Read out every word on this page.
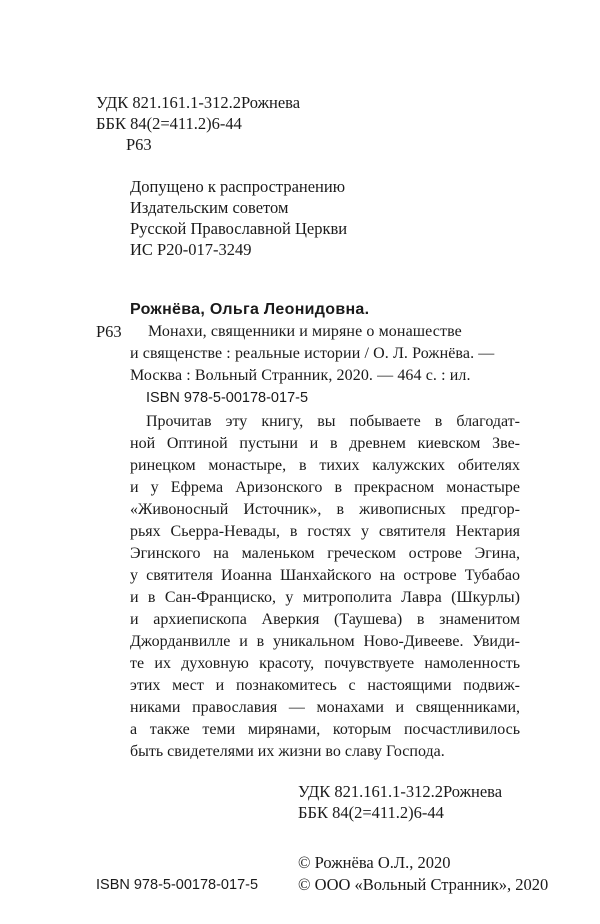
УДК 821.161.1-312.2Рожнева
ББК 84(2=411.2)6-44
Р63
Допущено к распространению
Издательским советом
Русской Православной Церкви
ИС Р20-017-3249
Рожнёва, Ольга Леонидовна.
Р63 Монахи, священники и миряне о монашестве
и священстве : реальные истории / О. Л. Рожнёва. —
Москва : Вольный Странник, 2020. — 464 с. : ил.
ISBN 978-5-00178-017-5
Прочитав эту книгу, вы побываете в благодат-
ной Оптиной пустыни и в древнем киевском Зве-
ринецком монастыре, в тихих калужских обителях
и у Ефрема Аризонского в прекрасном монастыре
«Живоносный Источник», в живописных предгор-
рьях Сьерра-Невады, в гостях у святителя Нектария
Эгинского на маленьком греческом острове Эгина,
у святителя Иоанна Шанхайского на острове Тубабао
и в Сан-Франциско, у митрополита Лавра (Шкурлы)
и архиепископа Аверкия (Таушева) в знаменитом
Джорданвилле и в уникальном Ново-Дивееве. Увиди-
те их духовную красоту, почувствуете намоленность
этих мест и познакомитесь с настоящими подвиж-
никами православия — монахами и священниками,
а также теми мирянами, которым посчастливилось
быть свидетелями их жизни во славу Господа.
УДК 821.161.1-312.2Рожнева
ББК 84(2=411.2)6-44
© Рожнёва О.Л., 2020
ISBN 978-5-00178-017-5 © ООО «Вольный Странник», 2020
